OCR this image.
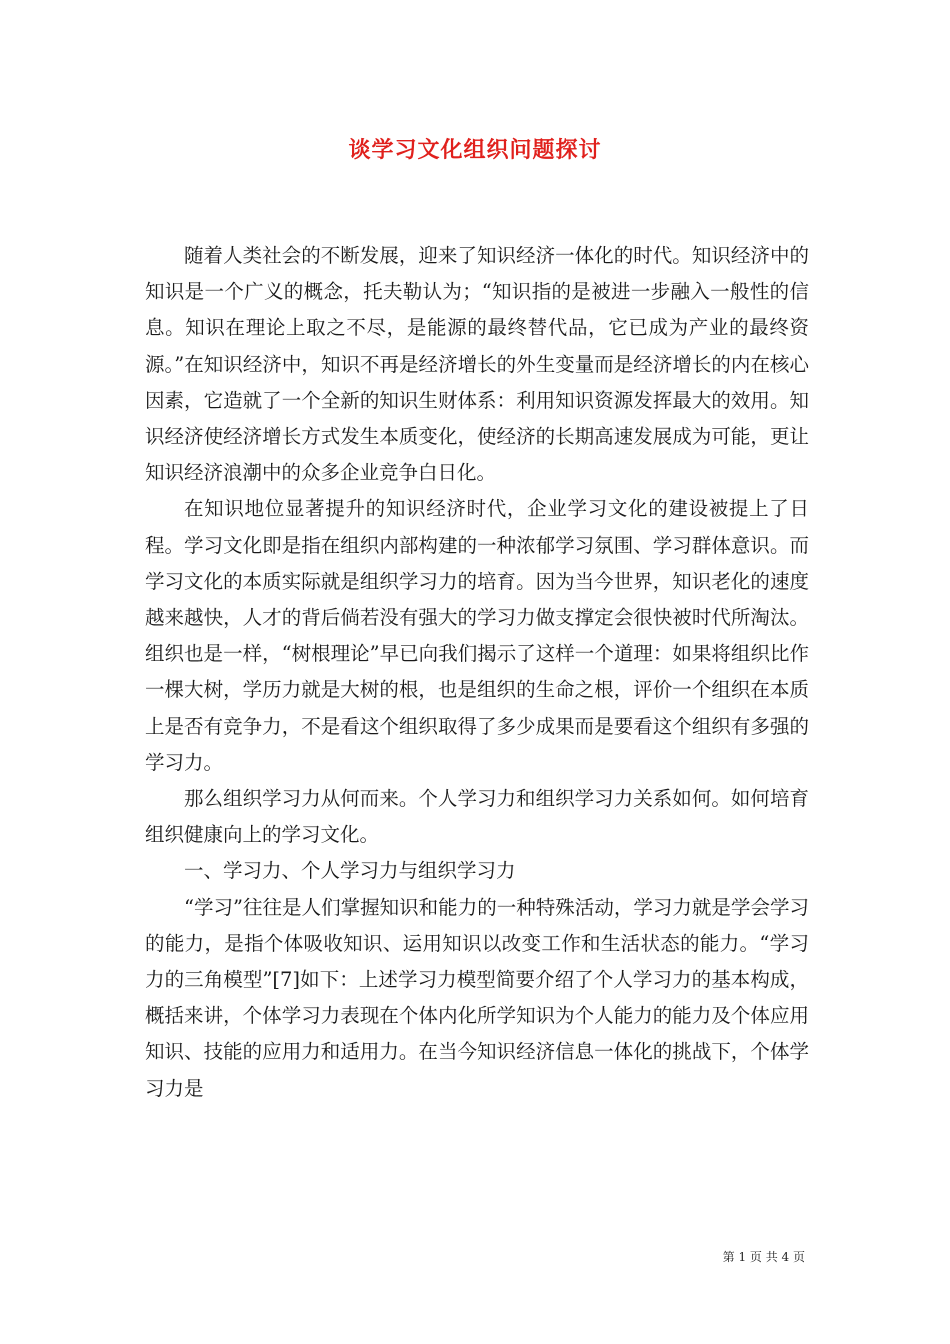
谈学习文化组织问题探讨

随着人类社会的不断发展，迎来了知识经济一体化的时代。知识经济中的知识是一个广义的概念，托夫勒认为；“知识指的是被进一步融入一般性的信息。知识在理论上取之不尽，是能源的最终替代品，它已成为产业的最终资源。”在知识经济中，知识不再是经济增长的外生变量而是经济增长的内在核心因素，它造就了一个全新的知识生财体系：利用知识资源发挥最大的效用。知识经济使经济增长方式发生本质变化，使经济的长期高速发展成为可能，更让知识经济浪潮中的众多企业竞争白日化。

在知识地位显著提升的知识经济时代，企业学习文化的建设被提上了日程。学习文化即是指在组织内部构建的一种浓郁学习氛围、学习群体意识。而学习文化的本质实际就是组织学习力的培育。因为当今世界，知识老化的速度越来越快，人才的背后倘若没有强大的学习力做支撑定会很快被时代所淘汰。组织也是一样，“树根理论”早已向我们揭示了这样一个道理：如果将组织比作一棵大树，学历力就是大树的根，也是组织的生命之根，评价一个组织在本质上是否有竞争力，不是看这个组织取得了多少成果而是要看这个组织有多强的学习力。

那么组织学习力从何而来。个人学习力和组织学习力关系如何。如何培育组织健康向上的学习文化。

一、学习力、个人学习力与组织学习力

“学习”往往是人们掌握知识和能力的一种特殊活动，学习力就是学会学习的能力，是指个体吸收知识、运用知识以改变工作和生活状态的能力。“学习力的三角模型”[7]如下：上述学习力模型简要介绍了个人学习力的基本构成，概括来讲，个体学习力表现在个体内化所学知识为个人能力的能力及个体应用知识、技能的应用力和适用力。在当今知识经济信息一体化的挑战下，个体学习力是

第 1 页 共 4 页
